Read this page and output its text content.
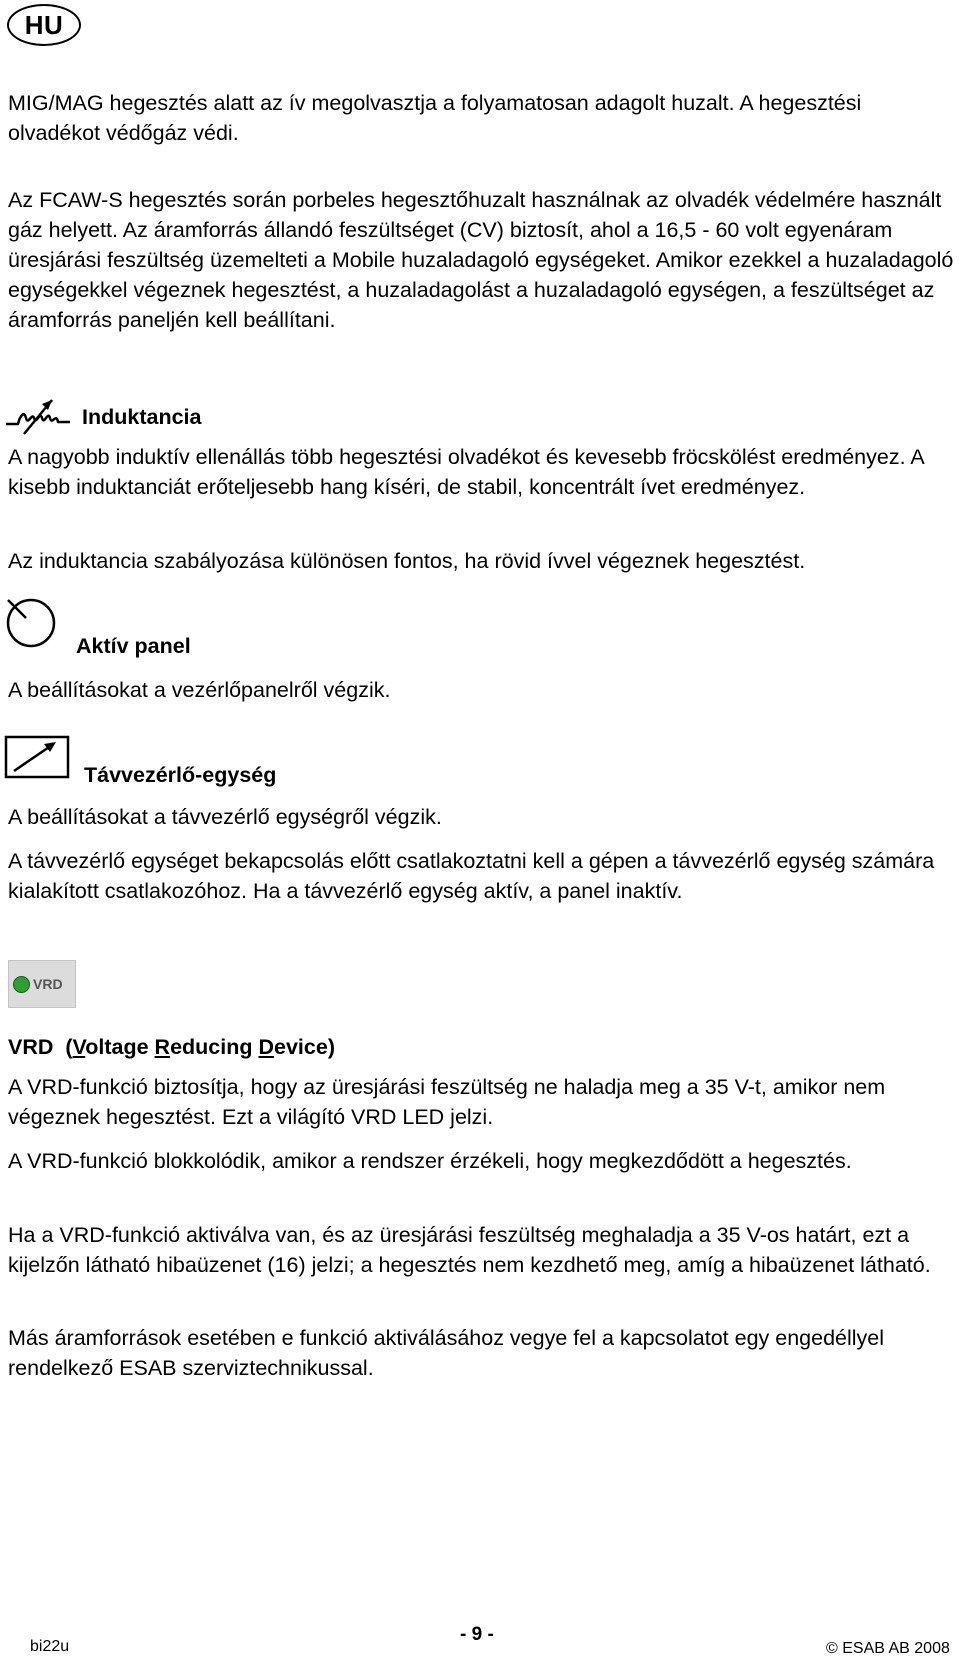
HU

MIG/MAG hegesztés alatt az ív megolvasztja a folyamatosan adagolt huzalt. A hegesztési olvadékot védőgáz védi.

Az FCAW-S hegesztés során porbeles hegesztőhuzalt használnak az olvadék védelmére használt gáz helyett. Az áramforrás állandó feszültséget (CV) biztosít, ahol a 16,5 - 60 volt egyenáram üresjárási feszültség üzemelteti a Mobile huzaladagoló egységeket. Amikor ezekkel a huzaladagoló egységekkel végeznek hegesztést, a huzaladagolást a huzaladagoló egységen, a feszültséget az áramforrás paneljén kell beállítani.

Induktancia

A nagyobb induktív ellenállás több hegesztési olvadékot és kevesebb fröcskölést eredményez. A kisebb induktanciát erőteljesebb hang kíséri, de stabil, koncentrált ívet eredményez.

Az induktancia szabályozása különösen fontos, ha rövid ívvel végeznek hegesztést.

Aktív panel

A beállításokat a vezérlőpanelről végzik.

Távvezérlő-egység

A beállításokat a távvezérlő egységről végzik.

A távvezérlő egységet bekapcsolás előtt csatlakoztatni kell a gépen a távvezérlő egység számára kialakított csatlakozóhoz. Ha a távvezérlő egység aktív, a panel inaktív.

VRD
VRD  (Voltage Reducing Device)

A VRD-funkció biztosítja, hogy az üresjárási feszültség ne haladja meg a 35 V-t, amikor nem végeznek hegesztést. Ezt a világító VRD LED jelzi.

A VRD-funkció blokkolódik, amikor a rendszer érzékeli, hogy megkezdődött a hegesztés.

Ha a VRD-funkció aktiválva van, és az üresjárási feszültség meghaladja a 35 V-os határt, ezt a kijelzőn látható hibaüzenet (16) jelzi; a hegesztés nem kezdhető meg, amíg a hibaüzenet látható.

Más áramforrások esetében e funkció aktiválásához vegye fel a kapcsolatot egy engedéllyel rendelkező ESAB szerviztechnikussal.

bi22u
- 9 -
© ESAB AB 2008
